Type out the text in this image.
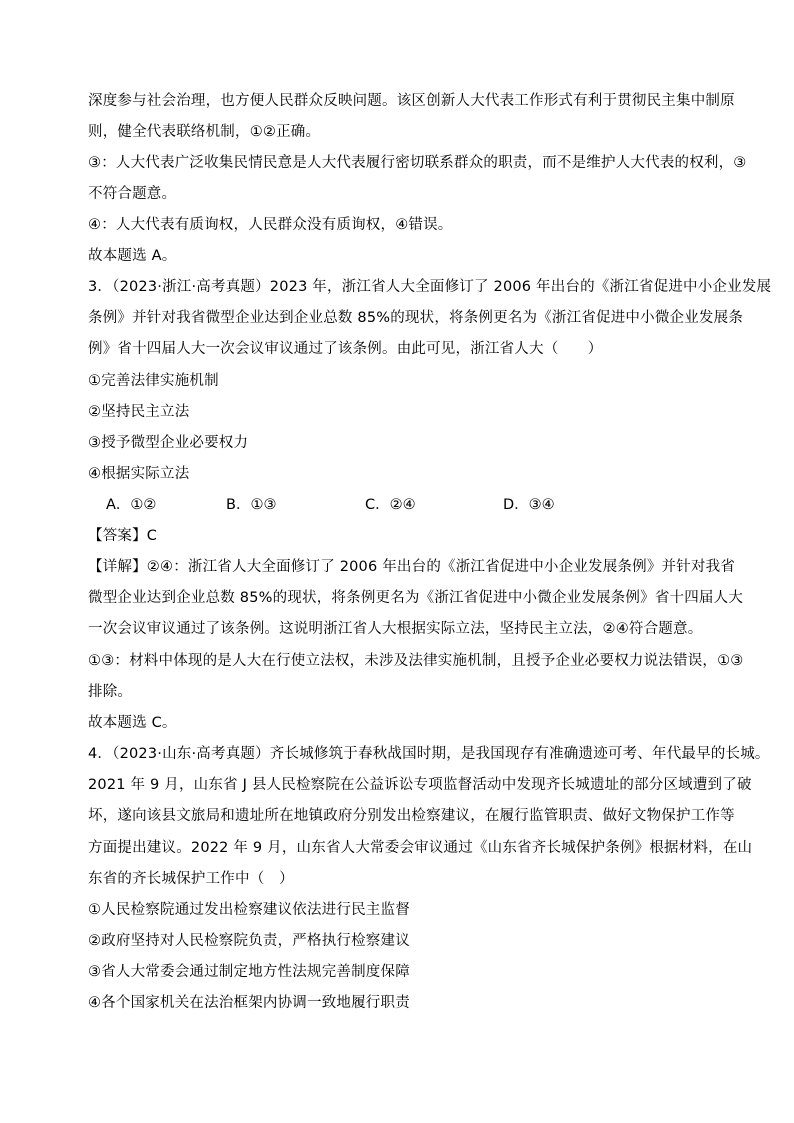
深度参与社会治理，也方便人民群众反映问题。该区创新人大代表工作形式有利于贯彻民主集中制原
则，健全代表联络机制，①②正确。
③：人大代表广泛收集民情民意是人大代表履行密切联系群众的职责，而不是维护人大代表的权利，③
不符合题意。
④：人大代表有质询权，人民群众没有质询权，④错误。
故本题选 A。
3．（2023·浙江·高考真题）2023 年，浙江省人大全面修订了 2006 年出台的《浙江省促进中小企业发展
条例》并针对我省微型企业达到企业总数 85%的现状，将条例更名为《浙江省促进中小微企业发展条
例》省十四届人大一次会议审议通过了该条例。由此可见，浙江省人大（　　）
①完善法律实施机制
②坚持民主立法
③授予微型企业必要权力
④根据实际立法
A．①②	B．①③	C．②④	D．③④
【答案】C
【详解】②④：浙江省人大全面修订了 2006 年出台的《浙江省促进中小企业发展条例》并针对我省
微型企业达到企业总数 85%的现状，将条例更名为《浙江省促进中小微企业发展条例》省十四届人大
一次会议审议通过了该条例。这说明浙江省人大根据实际立法，坚持民主立法，②④符合题意。
①③：材料中体现的是人大在行使立法权，未涉及法律实施机制，且授予企业必要权力说法错误，①③
排除。
故本题选 C。
4．（2023·山东·高考真题）齐长城修筑于春秋战国时期，是我国现存有准确遗迹可考、年代最早的长城。
2021 年 9 月，山东省 J 县人民检察院在公益诉讼专项监督活动中发现齐长城遗址的部分区域遭到了破
坏，遂向该县文旅局和遗址所在地镇政府分别发出检察建议，在履行监管职责、做好文物保护工作等
方面提出建议。2022 年 9 月，山东省人大常委会审议通过《山东省齐长城保护条例》根据材料，在山
东省的齐长城保护工作中（　）
①人民检察院通过发出检察建议依法进行民主监督
②政府坚持对人民检察院负责，严格执行检察建议
③省人大常委会通过制定地方性法规完善制度保障
④各个国家机关在法治框架内协调一致地履行职责
